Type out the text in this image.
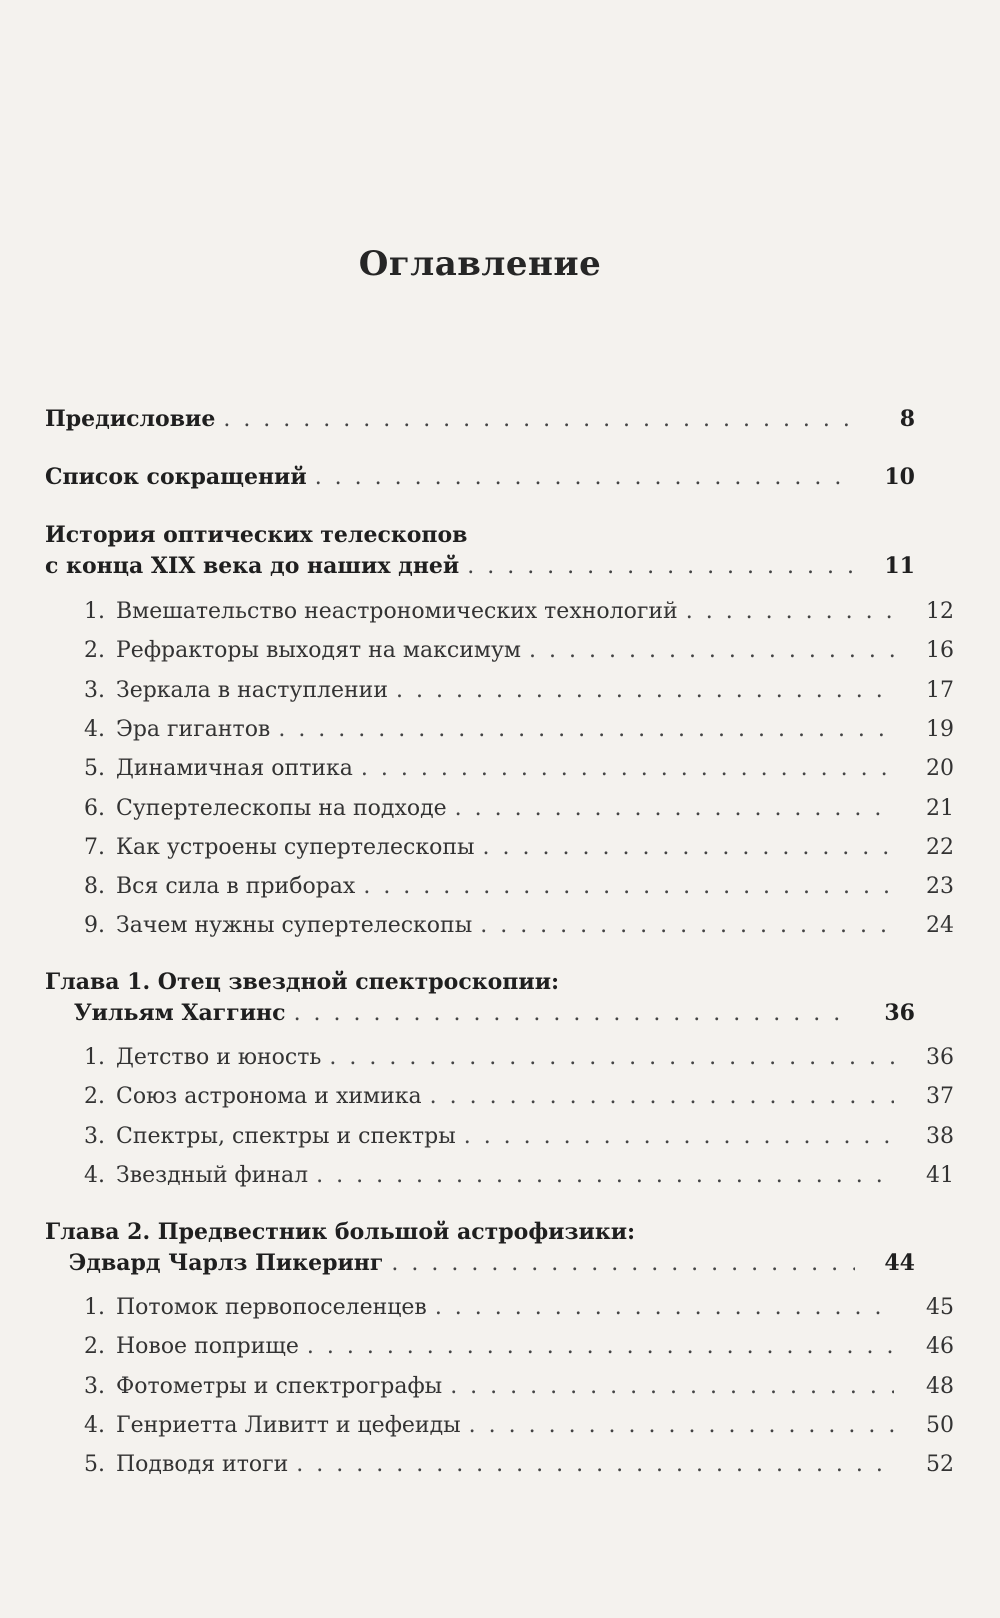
Оглавление
Предисловие . . .	8
Список сокращений . . .	10
История оптических телескопов
с конца XIX века до наших дней . . .	11
1. Вмешательство неастрономических технологий . . .	12
2. Рефракторы выходят на максимум . . .	16
3. Зеркала в наступлении . . .	17
4. Эра гигантов . . .	19
5. Динамичная оптика . . .	20
6. Супертелескопы на подходе . . .	21
7. Как устроены супертелескопы . . .	22
8. Вся сила в приборах . . .	23
9. Зачем нужны супертелескопы . . .	24
Глава 1. Отец звездной спектроскопии:
Уильям Хаггинс . . .	36
1. Детство и юность . . .	36
2. Союз астронома и химика . . .	37
3. Спектры, спектры и спектры . . .	38
4. Звездный финал . . .	41
Глава 2. Предвестник большой астрофизики:
Эдвард Чарлз Пикеринг . . .	44
1. Потомок первопоселенцев . . .	45
2. Новое поприще . . .	46
3. Фотометры и спектрографы . . .	48
4. Генриетта Ливитт и цефеиды . . .	50
5. Подводя итоги . . .	52
